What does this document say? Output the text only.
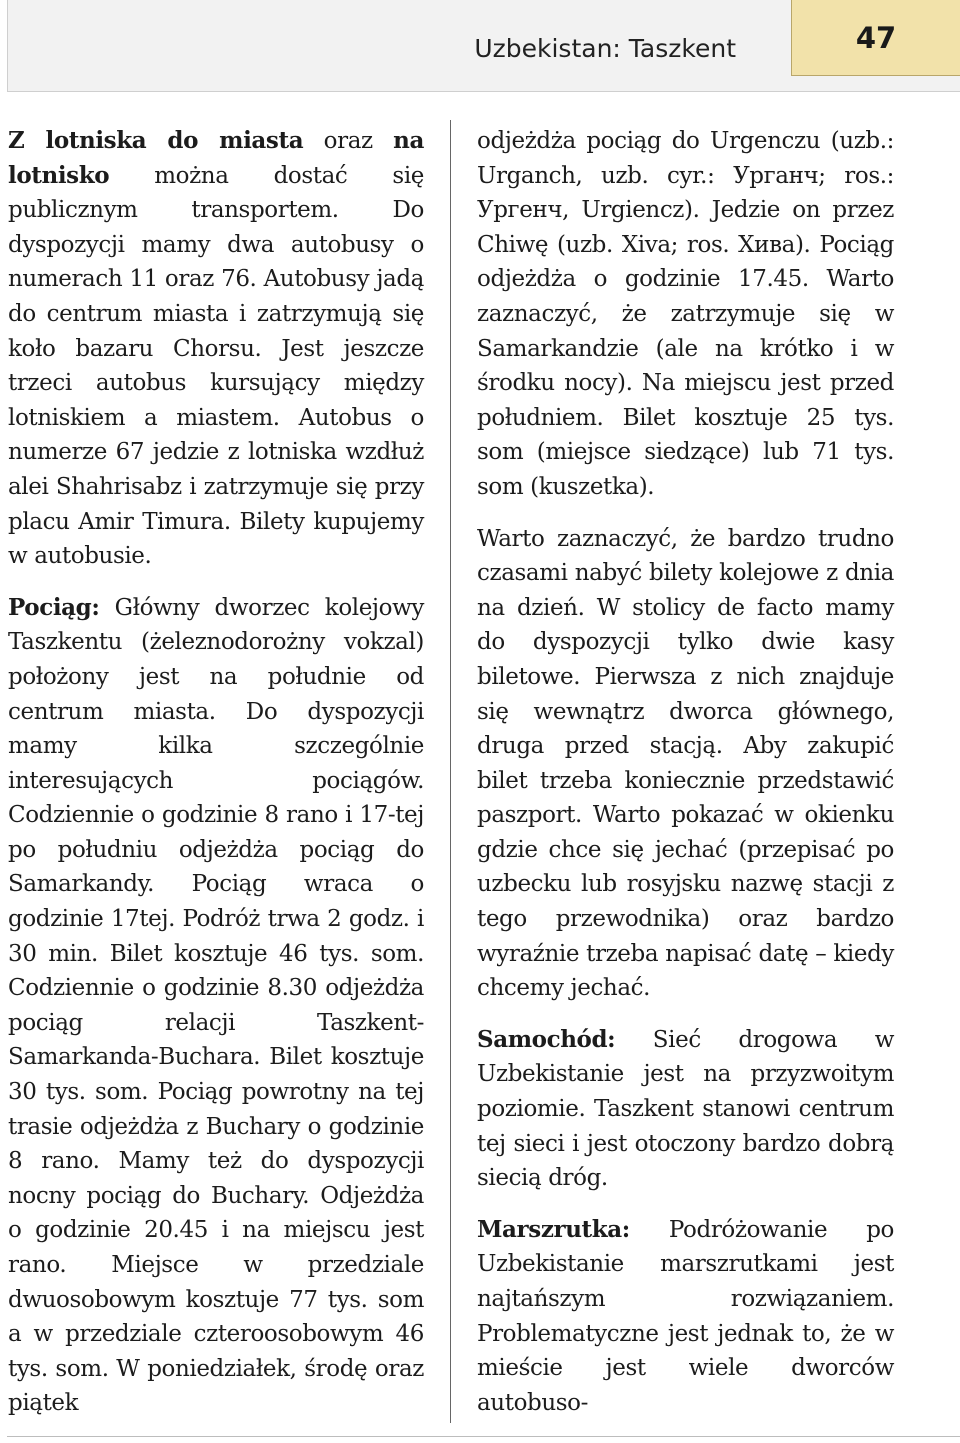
Uzbekistan: Taszkent	47

Z lotniska do miasta oraz na lotnisko można dostać się publicznym transportem. Do dyspozycji mamy dwa autobusy o numerach 11 oraz 76. Autobusy jadą do centrum miasta i zatrzymują się koło bazaru Chorsu. Jest jeszcze trzeci autobus kursujący między lotniskiem a miastem. Autobus o numerze 67 jedzie z lotniska wzdłuż alei Shahrisabz i zatrzymuje się przy placu Amir Timura. Bilety kupujemy w autobusie.

Pociąg: Główny dworzec kolejowy Taszkentu (żeleznodorożny vokzal) położony jest na południe od centrum miasta. Do dyspozycji mamy kilka szczególnie interesujących pociągów. Codziennie o godzinie 8 rano i 17-tej po południu odjeżdża pociąg do Samarkandy. Pociąg wraca o godzinie 17tej. Podróż trwa 2 godz. i 30 min. Bilet kosztuje 46 tys. som. Codziennie o godzinie 8.30 odjeżdża pociąg relacji Taszkent-Samarkanda-Buchara. Bilet kosztuje 30 tys. som. Pociąg powrotny na tej trasie odjeżdża z Buchary o godzinie 8 rano. Mamy też do dyspozycji nocny pociąg do Buchary. Odjeżdża o godzinie 20.45 i na miejscu jest rano. Miejsce w przedziale dwuosobowym kosztuje 77 tys. som a w przedziale czteroosobowym 46 tys. som. W poniedziałek, środę oraz piątek

odjeżdża pociąg do Urgenczu (uzb.: Urganch, uzb. cyr.: Урганч; ros.: Ургенч, Urgiencz). Jedzie on przez Chiwę (uzb. Xiva; ros. Хива). Pociąg odjeżdża o godzinie 17.45. Warto zaznaczyć, że zatrzymuje się w Samarkandzie (ale na krótko i w środku nocy). Na miejscu jest przed południem. Bilet kosztuje 25 tys. som (miejsce siedzące) lub 71 tys. som (kuszetka).

Warto zaznaczyć, że bardzo trudno czasami nabyć bilety kolejowe z dnia na dzień. W stolicy de facto mamy do dyspozycji tylko dwie kasy biletowe. Pierwsza z nich znajduje się wewnątrz dworca głównego, druga przed stacją. Aby zakupić bilet trzeba koniecznie przedstawić paszport. Warto pokazać w okienku gdzie chce się jechać (przepisać po uzbecku lub rosyjsku nazwę stacji z tego przewodnika) oraz bardzo wyraźnie trzeba napisać datę – kiedy chcemy jechać.

Samochód: Sieć drogowa w Uzbekistanie jest na przyzwoitym poziomie. Taszkent stanowi centrum tej sieci i jest otoczony bardzo dobrą siecią dróg.

Marszrutka: Podróżowanie po Uzbekistanie marszrutkami jest najtańszym rozwiązaniem. Problematyczne jest jednak to, że w mieście jest wiele dworców autobuso-
